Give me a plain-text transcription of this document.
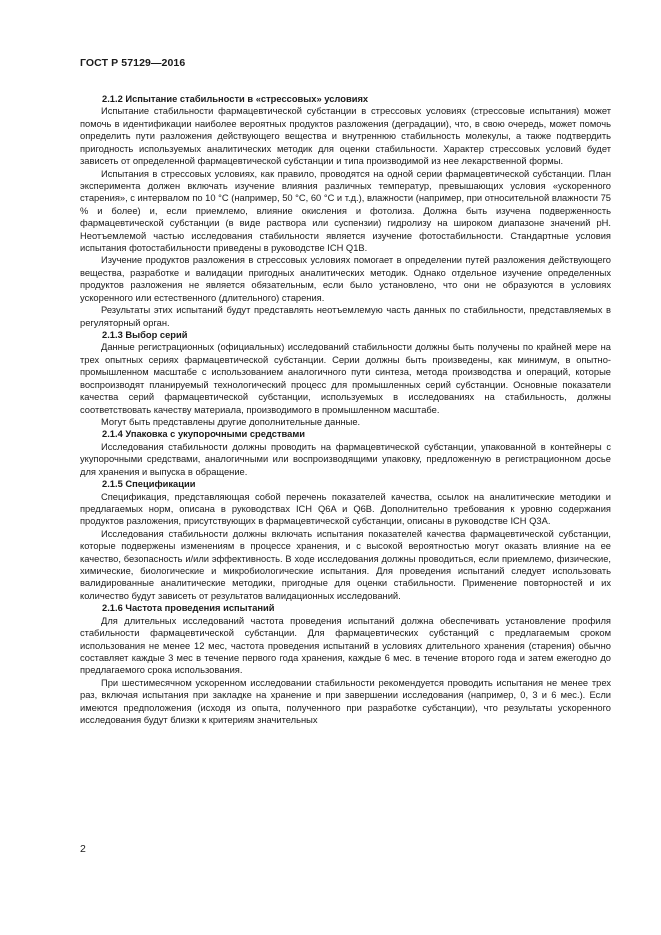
ГОСТ Р 57129—2016
2.1.2 Испытание стабильности в «стрессовых» условиях

Испытание стабильности фармацевтической субстанции в стрессовых условиях (стрессовые испытания) может помочь в идентификации наиболее вероятных продуктов разложения (деградации), что, в свою очередь, может помочь определить пути разложения действующего вещества и внутреннюю стабильность молекулы, а также подтвердить пригодность используемых аналитических методик для оценки стабильности. Характер стрессовых условий будет зависеть от определенной фармацевтической субстанции и типа производимой из нее лекарственной формы.

Испытания в стрессовых условиях, как правило, проводятся на одной серии фармацевтической субстанции. План эксперимента должен включать изучение влияния различных температур, превышающих условия «ускоренного старения», с интервалом по 10 °С (например, 50 °С, 60 °С и т.д.), влажности (например, при относительной влажности 75 % и более) и, если приемлемо, влияние окисления и фотолиза. Должна быть изучена подверженность фармацевтической субстанции (в виде раствора или суспензии) гидролизу на широком диапазоне значений pH. Неотъемлемой частью исследования стабильности является изучение фотостабильности. Стандартные условия испытания фотостабильности приведены в руководстве ICH Q1B.

Изучение продуктов разложения в стрессовых условиях помогает в определении путей разложения действующего вещества, разработке и валидации пригодных аналитических методик. Однако отдельное изучение определенных продуктов разложения не является обязательным, если было установлено, что они не образуются в условиях ускоренного или естественного (длительного) старения.

Результаты этих испытаний будут представлять неотъемлемую часть данных по стабильности, представляемых в регуляторный орган.

2.1.3 Выбор серий

Данные регистрационных (официальных) исследований стабильности должны быть получены по крайней мере на трех опытных сериях фармацевтической субстанции. Серии должны быть произведены, как минимум, в опытно-промышленном масштабе с использованием аналогичного пути синтеза, метода производства и операций, которые воспроизводят планируемый технологический процесс для промышленных серий субстанции. Основные показатели качества серий фармацевтической субстанции, используемых в исследованиях на стабильность, должны соответствовать качеству материала, производимого в промышленном масштабе.

Могут быть представлены другие дополнительные данные.

2.1.4 Упаковка с укупорочными средствами

Исследования стабильности должны проводить на фармацевтической субстанции, упакованной в контейнеры с укупорочными средствами, аналогичными или воспроизводящими упаковку, предложенную в регистрационном досье для хранения и выпуска в обращение.

2.1.5 Спецификации

Спецификация, представляющая собой перечень показателей качества, ссылок на аналитические методики и предлагаемых норм, описана в руководствах ICH Q6A и Q6B. Дополнительно требования к уровню содержания продуктов разложения, присутствующих в фармацевтической субстанции, описаны в руководстве ICH Q3A.

Исследования стабильности должны включать испытания показателей качества фармацевтической субстанции, которые подвержены изменениям в процессе хранения, и с высокой вероятностью могут оказать влияние на ее качество, безопасность и/или эффективность. В ходе исследования должны проводиться, если приемлемо, физические, химические, биологические и микробиологические испытания. Для проведения испытаний следует использовать валидированные аналитические методики, пригодные для оценки стабильности. Применение повторностей и их количество будут зависеть от результатов валидационных исследований.

2.1.6 Частота проведения испытаний

Для длительных исследований частота проведения испытаний должна обеспечивать установление профиля стабильности фармацевтической субстанции. Для фармацевтических субстанций с предлагаемым сроком использования не менее 12 мес, частота проведения испытаний в условиях длительного хранения (старения) обычно составляет каждые 3 мес в течение первого года хранения, каждые 6 мес. в течение второго года и затем ежегодно до предлагаемого срока использования.

При шестимесячном ускоренном исследовании стабильности рекомендуется проводить испытания не менее трех раз, включая испытания при закладке на хранение и при завершении исследования (например, 0, 3 и 6 мес.). Если имеются предположения (исходя из опыта, полученного при разработке субстанции), что результаты ускоренного исследования будут близки к критериям значительных

2
